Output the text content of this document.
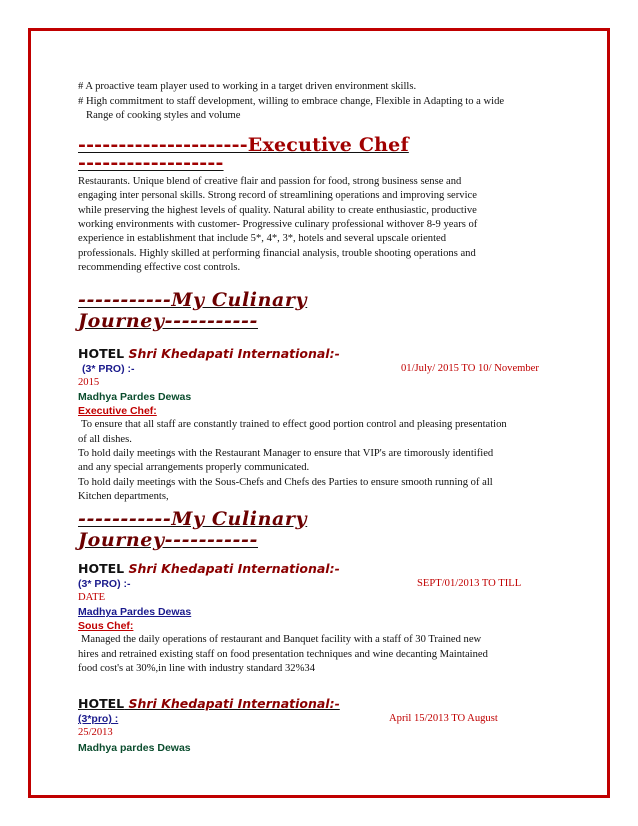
# A proactive team player used to working in a target driven environment skills.
# High commitment to staff development, willing to embrace change, Flexible in Adapting to a wide
Range of cooking styles and volume
---------------------Executive Chef
------------------
Restaurants. Unique blend of creative flair and passion for food, strong business sense and
engaging inter personal skills. Strong record of streamlining operations and improving service
while preserving the highest levels of quality. Natural ability to create enthusiastic, productive
working environments with customer- Progressive culinary professional withover 8-9 years of
experience in establishment that include 5*, 4*, 3*, hotels and several upscale oriented
professionals. Highly skilled at performing financial analysis, trouble shooting operations and
recommending effective cost controls.
-----------My Culinary
Journey-----------
HOTEL Shri Khedapati International:-
(3* PRO) :-	01/July/ 2015 TO 10/ November
2015
Madhya Pardes Dewas
Executive Chef:
To ensure that all staff are constantly trained to effect good portion control and pleasing presentation
of all dishes.
To hold daily meetings with the Restaurant Manager to ensure that VIP's are timorously identified
and any special arrangements properly communicated.
To hold daily meetings with the Sous-Chefs and Chefs des Parties to ensure smooth running of all
Kitchen departments,
-----------My Culinary
Journey-----------
HOTEL Shri Khedapati International:-
(3* PRO) :-	SEPT/01/2013 TO TILL
DATE
Madhya Pardes Dewas
Sous Chef:
Managed the daily operations of restaurant and Banquet facility with a staff of 30 Trained new
hires and retrained existing staff on food presentation techniques and wine decanting Maintained
food cost's at 30%,in line with industry standard 32%34
HOTEL Shri Khedapati International:-
(3*pro) :	April 15/2013 TO August
25/2013
Madhya pardes Dewas
